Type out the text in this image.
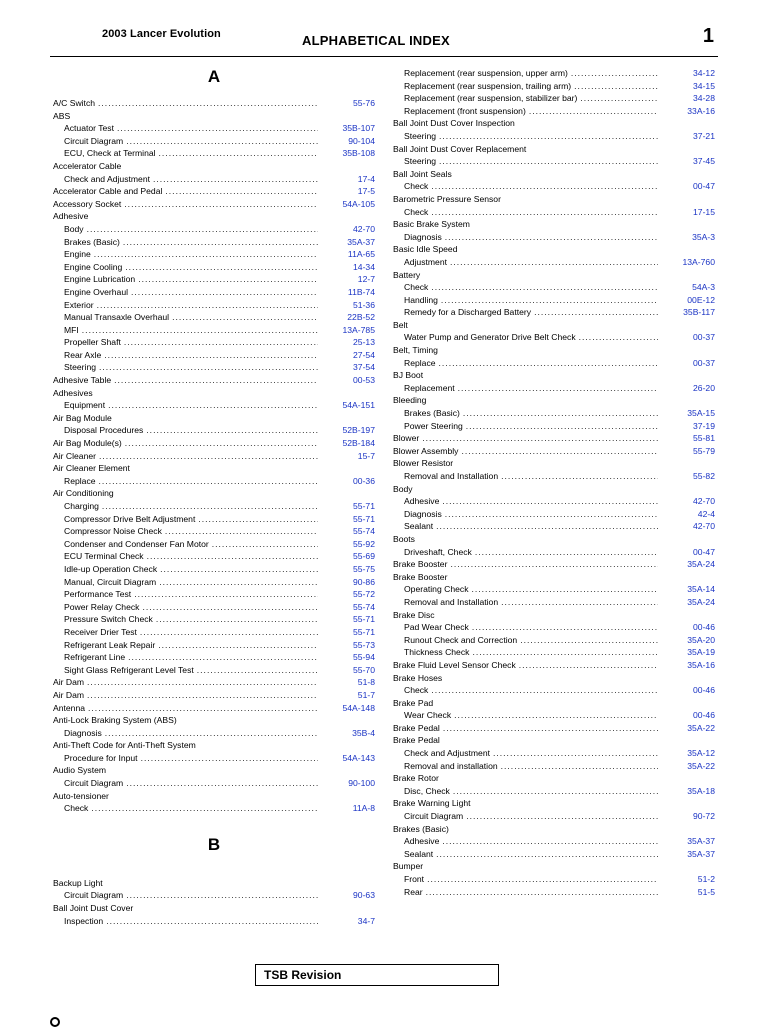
2003 Lancer Evolution	ALPHABETICAL INDEX	1
A
A/C Switch .....	55-76
ABS
Actuator Test .....	35B-107
Circuit Diagram .....	90-104
ECU, Check at Terminal .....	35B-108
Accelerator Cable
Check and Adjustment .....	17-4
Accelerator Cable and Pedal .....	17-5
Accessory Socket .....	54A-105
Adhesive
Body .....	42-70
Brakes (Basic) .....	35A-37
Engine .....	11A-65
Engine Cooling .....	14-34
Engine Lubrication .....	12-7
Engine Overhaul .....	11B-74
Exterior .....	51-36
Manual Transaxle Overhaul .....	22B-52
MFI .....	13A-785
Propeller Shaft .....	25-13
Rear Axle .....	27-54
Steering .....	37-54
Adhesive Table .....	00-53
Adhesives
Equipment .....	54A-151
Air Bag Module
Disposal Procedures .....	52B-197
Air Bag Module(s) .....	52B-184
Air Cleaner .....	15-7
Air Cleaner Element
Replace .....	00-36
Air Conditioning
Charging .....	55-71
Compressor Drive Belt Adjustment .....	55-71
Compressor Noise Check .....	55-74
Condenser and Condenser Fan Motor .....	55-92
ECU Terminal Check .....	55-69
Idle-up Operation Check .....	55-75
Manual, Circuit Diagram .....	90-86
Performance Test .....	55-72
Power Relay Check .....	55-74
Pressure Switch Check .....	55-71
Receiver Drier Test .....	55-71
Refrigerant Leak Repair .....	55-73
Refrigerant Line .....	55-94
Sight Glass Refrigerant Level Test .....	55-70
Air Dam .....	51-8
Air Dam .....	51-7
Antenna .....	54A-148
Anti-Lock Braking System (ABS)
Diagnosis .....	35B-4
Anti-Theft Code for Anti-Theft System
Procedure for Input .....	54A-143
Audio System
Circuit Diagram .....	90-100
Auto-tensioner
Check .....	11A-8
B
Backup Light
Circuit Diagram .....	90-63
Ball Joint Dust Cover
Inspection .....	34-7
Replacement (rear suspension, upper arm) .....	34-12
Replacement (rear suspension, trailing arm) .....	34-15
Replacement (rear suspension, stabilizer bar) .....	34-28
Replacement (front suspension) .....	33A-16
Ball Joint Dust Cover Inspection
Steering .....	37-21
Ball Joint Dust Cover Replacement
Steering .....	37-45
Ball Joint Seals
Check .....	00-47
Barometric Pressure Sensor
Check .....	17-15
Basic Brake System
Diagnosis .....	35A-3
Basic Idle Speed
Adjustment .....	13A-760
Battery
Check .....	54A-3
Handling .....	00E-12
Remedy for a Discharged Battery .....	35B-117
Belt
Water Pump and Generator Drive Belt Check .....	00-37
Belt, Timing
Replace .....	00-37
BJ Boot
Replacement .....	26-20
Bleeding
Brakes (Basic) .....	35A-15
Power Steering .....	37-19
Blower .....	55-81
Blower Assembly .....	55-79
Blower Resistor
Removal and Installation .....	55-82
Body
Adhesive .....	42-70
Diagnosis .....	42-4
Sealant .....	42-70
Boots
Driveshaft, Check .....	00-47
Brake Booster .....	35A-24
Brake Booster
Operating Check .....	35A-14
Removal and Installation .....	35A-24
Brake Disc
Pad Wear Check .....	00-46
Runout Check and Correction .....	35A-20
Thickness Check .....	35A-19
Brake Fluid Level Sensor Check .....	35A-16
Brake Hoses
Check .....	00-46
Brake Pad
Wear Check .....	00-46
Brake Pedal .....	35A-22
Brake Pedal
Check and Adjustment .....	35A-12
Removal and installation .....	35A-22
Brake Rotor
Disc, Check .....	35A-18
Brake Warning Light
Circuit Diagram .....	90-72
Brakes (Basic)
Adhesive .....	35A-37
Sealant .....	35A-37
Bumper
Front .....	51-2
Rear .....	51-5
TSB Revision
